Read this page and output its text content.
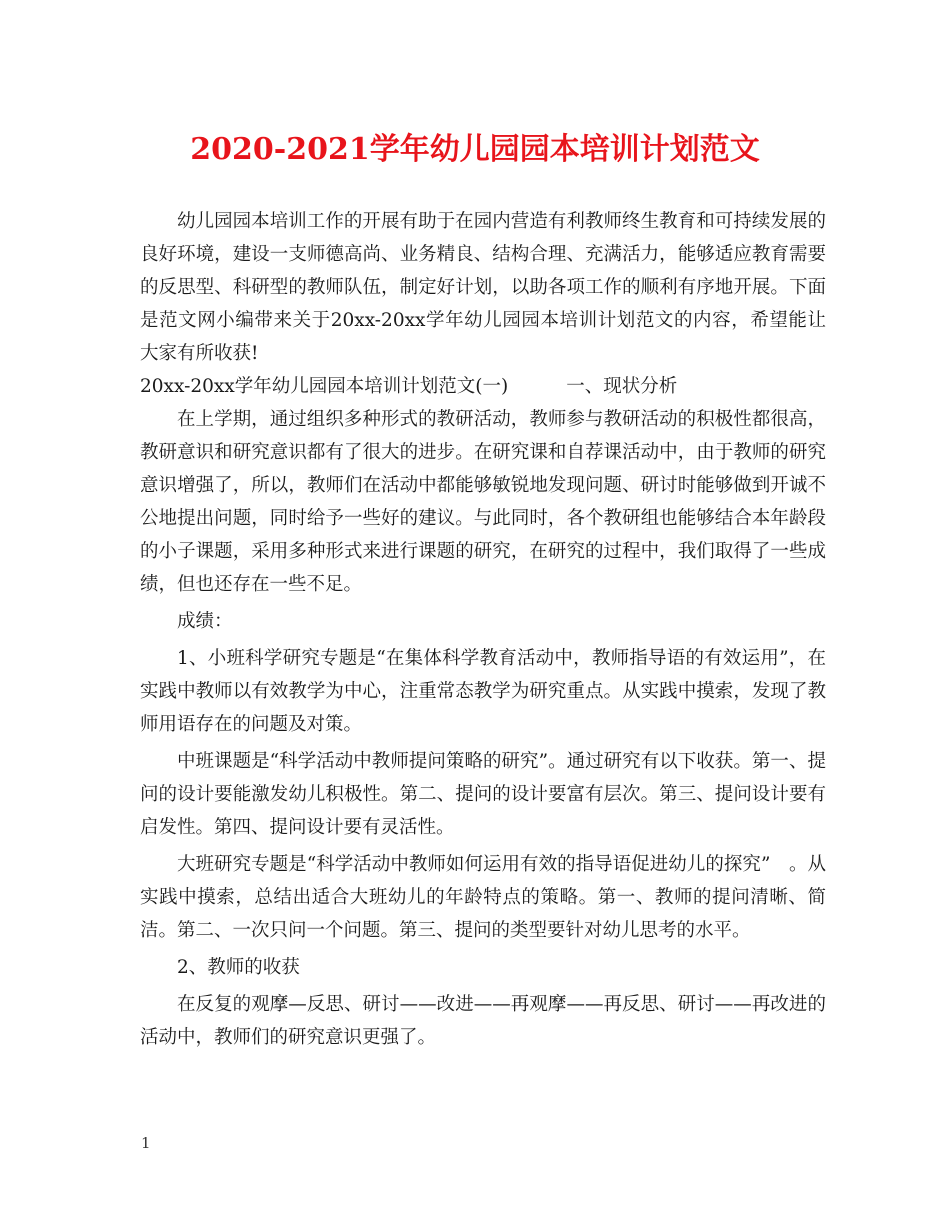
2020-2021学年幼儿园园本培训计划范文

幼儿园园本培训工作的开展有助于在园内营造有利教师终生教育和可持续发展的良好环境，建设一支师德高尚、业务精良、结构合理、充满活力，能够适应教育需要的反思型、科研型的教师队伍，制定好计划，以助各项工作的顺利有序地开展。下面是范文网小编带来关于20xx-20xx学年幼儿园园本培训计划范文的内容，希望能让大家有所收获!

20xx-20xx学年幼儿园园本培训计划范文(一)	一、现状分析

在上学期，通过组织多种形式的教研活动，教师参与教研活动的积极性都很高，教研意识和研究意识都有了很大的进步。在研究课和自荐课活动中，由于教师的研究意识增强了，所以，教师们在活动中都能够敏锐地发现问题、研讨时能够做到开诚不公地提出问题，同时给予一些好的建议。与此同时，各个教研组也能够结合本年龄段的小子课题，采用多种形式来进行课题的研究，在研究的过程中，我们取得了一些成绩，但也还存在一些不足。

成绩：

1、小班科学研究专题是“在集体科学教育活动中，教师指导语的有效运用”，在实践中教师以有效教学为中心，注重常态教学为研究重点。从实践中摸索，发现了教师用语存在的问题及对策。

中班课题是“科学活动中教师提问策略的研究”。通过研究有以下收获。第一、提问的设计要能激发幼儿积极性。第二、提问的设计要富有层次。第三、提问设计要有启发性。第四、提问设计要有灵活性。

大班研究专题是“科学活动中教师如何运用有效的指导语促进幼儿的探究”　。从实践中摸索，总结出适合大班幼儿的年龄特点的策略。第一、教师的提问清晰、简洁。第二、一次只问一个问题。第三、提问的类型要针对幼儿思考的水平。

2、教师的收获

在反复的观摩—反思、研讨——改进——再观摩——再反思、研讨——再改进的活动中，教师们的研究意识更强了。

1
